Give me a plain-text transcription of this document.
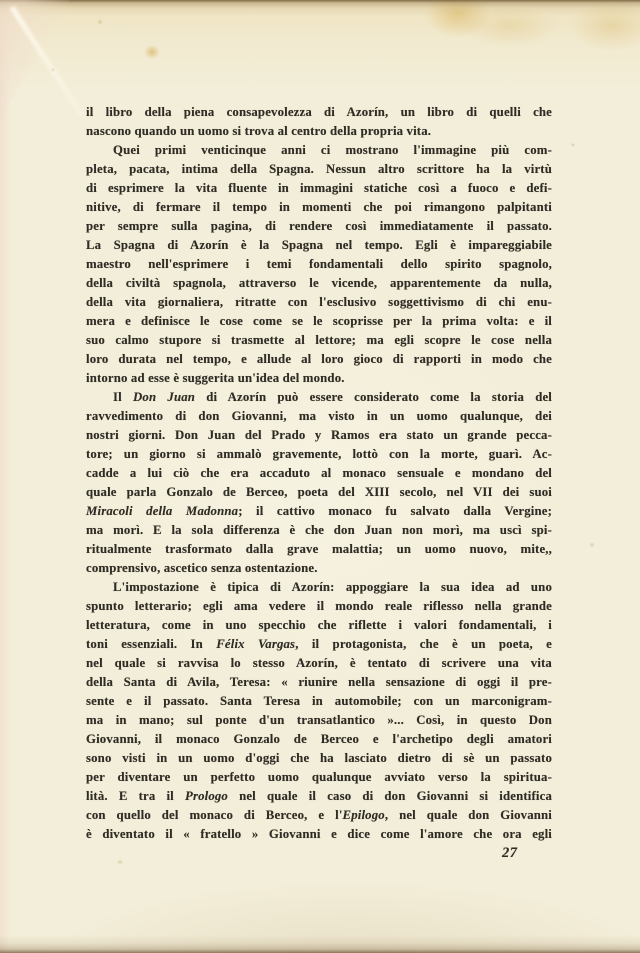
il libro della piena consapevolezza di Azorín, un libro di quelli che
nascono quando un uomo si trova al centro della propria vita.
Quei primi venticinque anni ci mostrano l'immagine più com-
pleta, pacata, intima della Spagna. Nessun altro scrittore ha la virtù
di esprimere la vita fluente in immagini statiche così a fuoco e defi-
nitive, di fermare il tempo in momenti che poi rimangono palpitanti
per sempre sulla pagina, di rendere così immediatamente il passato.
La Spagna di Azorín è la Spagna nel tempo. Egli è impareggiabile
maestro nell'esprimere i temi fondamentali dello spirito spagnolo,
della civiltà spagnola, attraverso le vicende, apparentemente da nulla,
della vita giornaliera, ritratte con l'esclusivo soggettivismo di chi enu-
mera e definisce le cose come se le scoprisse per la prima volta: e il
suo calmo stupore si trasmette al lettore; ma egli scopre le cose nella
loro durata nel tempo, e allude al loro gioco di rapporti in modo che
intorno ad esse è suggerita un'idea del mondo.
Il Don Juan di Azorín può essere considerato come la storia del
ravvedimento di don Giovanni, ma visto in un uomo qualunque, dei
nostri giorni. Don Juan del Prado y Ramos era stato un grande pecca-
tore; un giorno si ammalò gravemente, lottò con la morte, guarì. Ac-
cadde a lui ciò che era accaduto al monaco sensuale e mondano del
quale parla Gonzalo de Berceo, poeta del XIII secolo, nel VII dei suoi
Miracoli della Madonna; il cattivo monaco fu salvato dalla Vergine;
ma morì. E la sola differenza è che don Juan non morì, ma uscì spi-
ritualmente trasformato dalla grave malattia; un uomo nuovo, mite,,
comprensivo, ascetico senza ostentazione.
L'impostazione è tipica di Azorín: appoggiare la sua idea ad uno
spunto letterario; egli ama vedere il mondo reale riflesso nella grande
letteratura, come in uno specchio che riflette i valori fondamentali, i
toni essenziali. In Félix Vargas, il protagonista, che è un poeta, e
nel quale si ravvisa lo stesso Azorín, è tentato di scrivere una vita
della Santa di Avila, Teresa: « riunire nella sensazione di oggi il pre-
sente e il passato. Santa Teresa in automobile; con un marconigram-
ma in mano; sul ponte d'un transatlantico »... Così, in questo Don
Giovanni, il monaco Gonzalo de Berceo e l'archetipo degli amatori
sono visti in un uomo d'oggi che ha lasciato dietro di sè un passato
per diventare un perfetto uomo qualunque avviato verso la spiritua-
lità. E tra il Prologo nel quale il caso di don Giovanni si identifica
con quello del monaco di Berceo, e l'Epilogo, nel quale don Giovanni
è diventato il « fratello » Giovanni e dice come l'amore che ora egli
27
